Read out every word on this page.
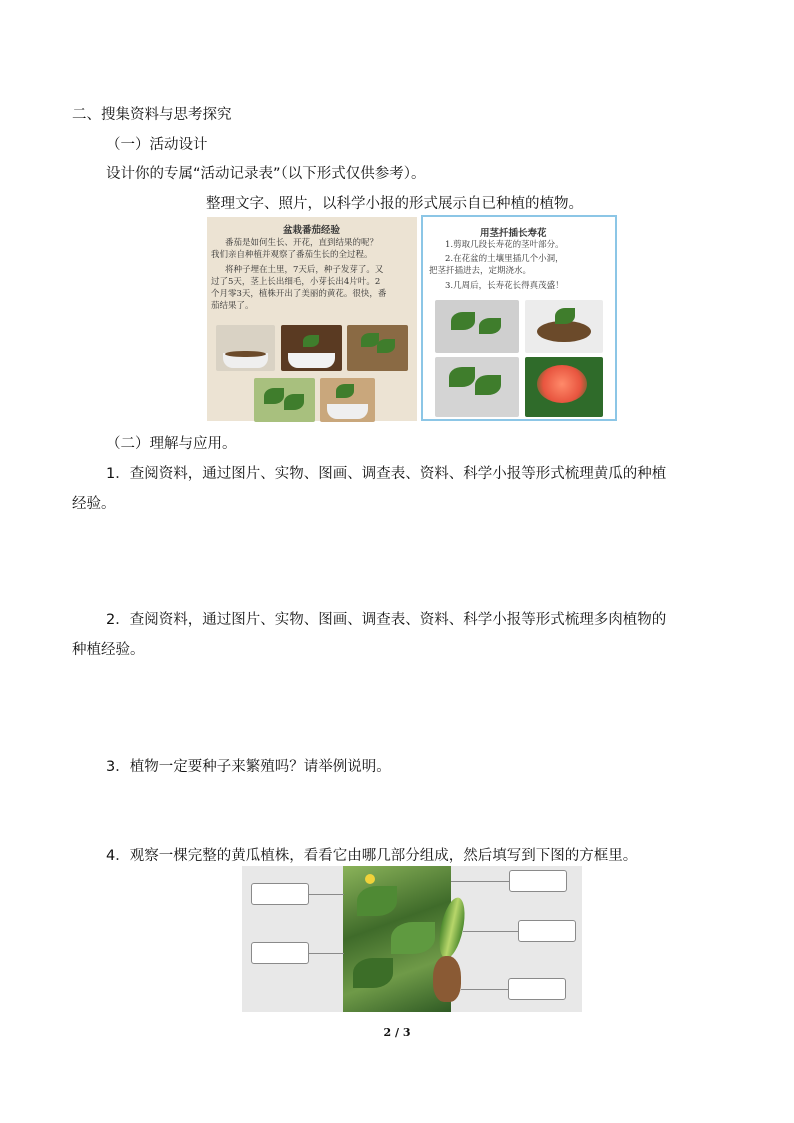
二、搜集资料与思考探究
（一）活动设计
设计你的专属“活动记录表”（以下形式仅供参考）。
整理文字、照片，以科学小报的形式展示自已种植的植物。
盆栽番茄经验
番茄是如何生长、开花，直到结果的呢？
我们亲自种植并观察了番茄生长的全过程。
将种子埋在土里，7天后，种子发芽了。又
过了5天，茎上长出细毛，小芽长出4片叶。2
个月零3天，植株开出了美丽的黄花。很快，番
茄结果了。
用茎扦插长寿花
1.剪取几段长寿花的茎叶部分。
2.在花盆的土壤里插几个小洞，
把茎扦插进去，定期浇水。
3.几周后，长寿花长得真茂盛！
（二）理解与应用。
1．查阅资料，通过图片、实物、图画、调查表、资料、科学小报等形式梳理黄瓜的种植
经验。
2．查阅资料，通过图片、实物、图画、调查表、资料、科学小报等形式梳理多肉植物的
种植经验。
3．植物一定要种子来繁殖吗？请举例说明。
4．观察一棵完整的黄瓜植株，看看它由哪几部分组成，然后填写到下图的方框里。
2 / 3
